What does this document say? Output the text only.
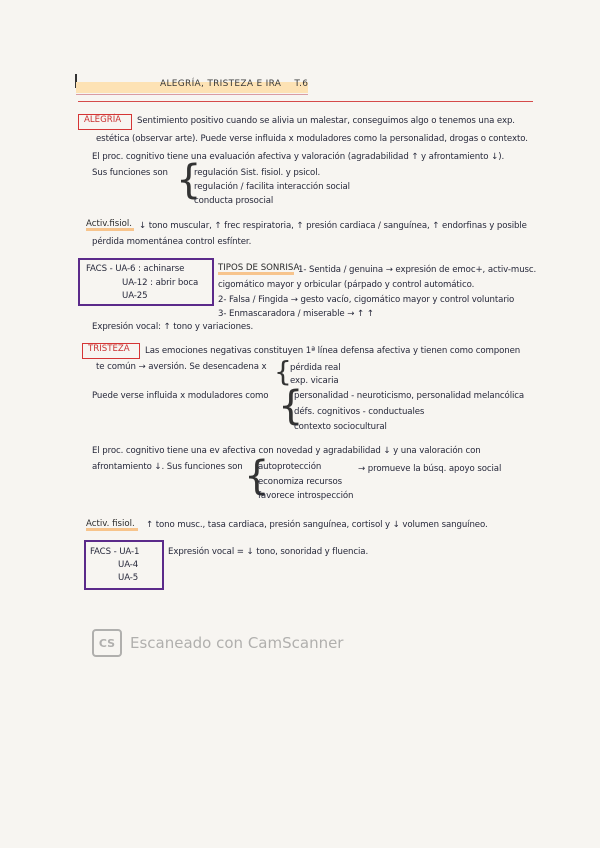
ALEGRÍA, TRISTEZA E IRA T.6
ALEGRÍA Sentimiento positivo cuando se alivia un malestar, conseguimos algo o tenemos una exp.
estética (observar arte). Puede verse influida x moduladores como la personalidad, drogas o contexto.
El proc. cognitivo tiene una evaluación afectiva y valoración (agradabilidad ↑ y afrontamiento ↓).
Sus funciones son {
regulación Sist. fisiol. y psicol.
regulación / facilita interacción social
conducta prosocial
Activ.fisiol. ↓ tono muscular, ↑ frec respiratoria, ↑ presión cardiaca / sanguínea, ↑ endorfinas y posible
pérdida momentánea control esfínter.
FACS - UA-6 : achinarse
UA-12 : abrir boca
UA-25
TIPOS DE SONRISA:
1- Sentida / genuina → expresión de emoc+, activ-musc.
cigomático mayor y orbicular (párpado y control automático.
2- Falsa / Fingida → gesto vacío, cigomático mayor y control voluntario
3- Enmascaradora / miserable → ↑ ↑
Expresión vocal: ↑ tono y variaciones.
TRISTEZA Las emociones negativas constituyen 1ª línea defensa afectiva y tienen como componen
te común → aversión. Se desencadena x {
pérdida real
exp. vicaria
Puede verse influida x moduladores como {
personalidad - neuroticismo, personalidad melancólica
défs. cognitivos - conductuales
contexto sociocultural
El proc. cognitivo tiene una ev afectiva con novedad y agradabilidad ↓ y una valoración con
afrontamiento ↓. Sus funciones son {
autoprotección
economiza recursos
favorece introspección
→ promueve la búsq. apoyo social
Activ. fisiol. ↑ tono musc., tasa cardiaca, presión sanguínea, cortisol y ↓ volumen sanguíneo.
FACS - UA-1
UA-4
UA-5
Expresión vocal = ↓ tono, sonoridad y fluencia.
CS Escaneado con CamScanner
